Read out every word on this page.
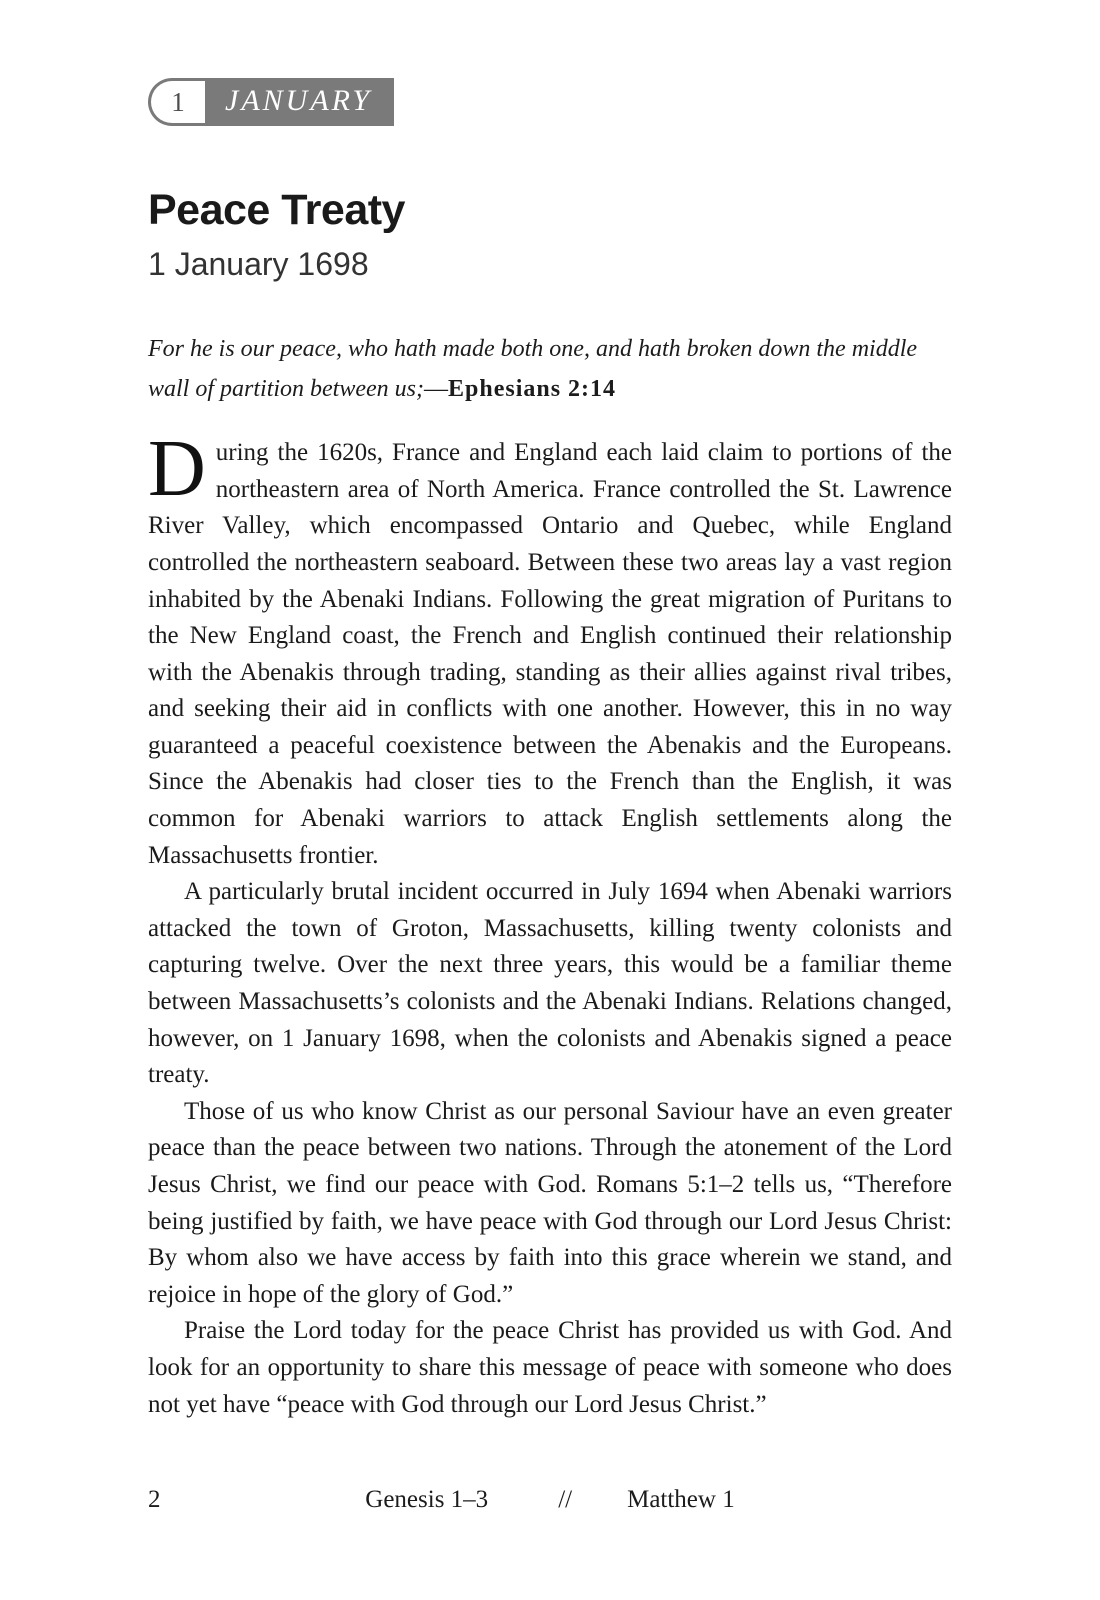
1 JANUARY
Peace Treaty
1 January 1698
For he is our peace, who hath made both one, and hath broken down the middle wall of partition between us;—Ephesians 2:14

During the 1620s, France and England each laid claim to portions of the northeastern area of North America. France controlled the St. Lawrence River Valley, which encompassed Ontario and Quebec, while England controlled the northeastern seaboard. Between these two areas lay a vast region inhabited by the Abenaki Indians. Following the great migration of Puritans to the New England coast, the French and English continued their relationship with the Abenakis through trading, standing as their allies against rival tribes, and seeking their aid in conflicts with one another. However, this in no way guaranteed a peaceful coexistence between the Abenakis and the Europeans. Since the Abenakis had closer ties to the French than the English, it was common for Abenaki warriors to attack English settlements along the Massachusetts frontier.

A particularly brutal incident occurred in July 1694 when Abenaki warriors attacked the town of Groton, Massachusetts, killing twenty colonists and capturing twelve. Over the next three years, this would be a familiar theme between Massachusetts’s colonists and the Abenaki Indians. Relations changed, however, on 1 January 1698, when the colonists and Abenakis signed a peace treaty.

Those of us who know Christ as our personal Saviour have an even greater peace than the peace between two nations. Through the atonement of the Lord Jesus Christ, we find our peace with God. Romans 5:1–2 tells us, “Therefore being justified by faith, we have peace with God through our Lord Jesus Christ: By whom also we have access by faith into this grace wherein we stand, and rejoice in hope of the glory of God.”

Praise the Lord today for the peace Christ has provided us with God. And look for an opportunity to share this message of peace with someone who does not yet have “peace with God through our Lord Jesus Christ.”

2	Genesis 1–3	// Matthew 1
